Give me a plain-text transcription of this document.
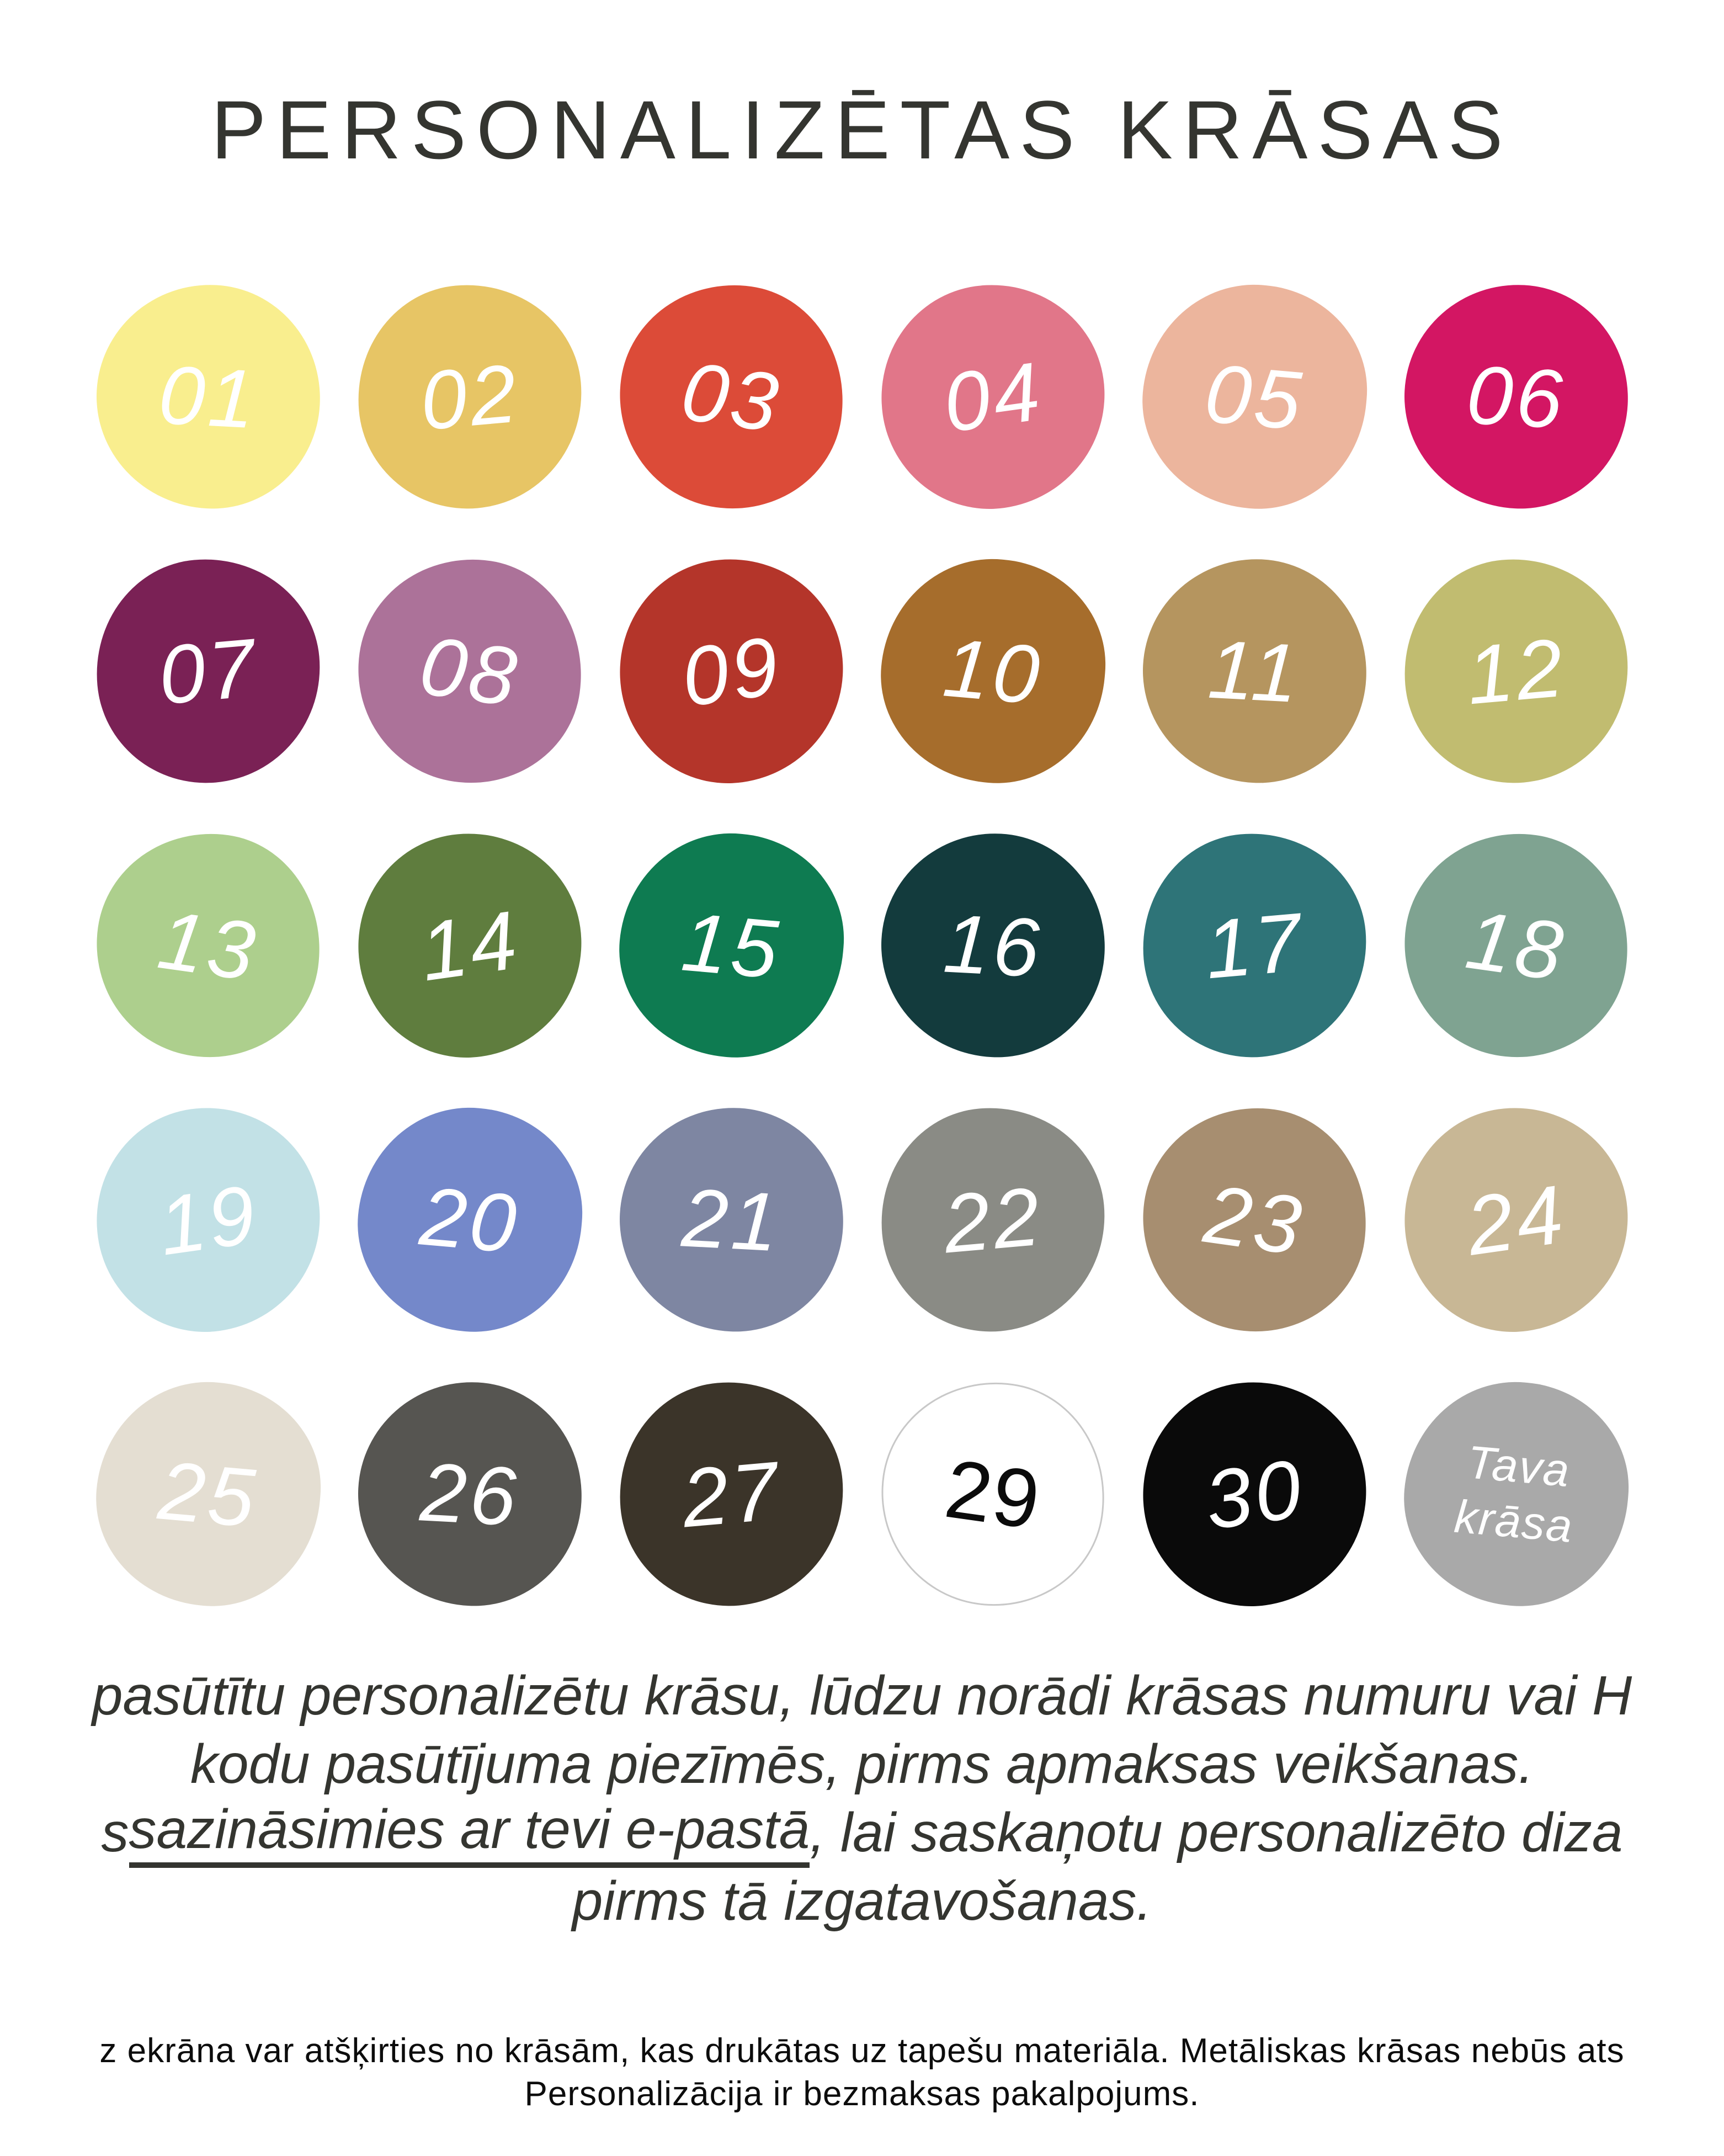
PERSONALIZĒTAS KRĀSAS
01 02 03 04 05 06
07 08 09 10 11 12
13 14 15 16 17 18
19 20 21 22 23 24
25 26 27 29 30	Tava
krāsa
pasūtītu personalizētu krāsu, lūdzu norādi krāsas numuru vai H
kodu pasūtījuma piezīmēs, pirms apmaksas veikšanas.
s sazināsimies ar tevi e-pastā , lai saskaņotu personalizēto diza
pirms tā izgatavošanas.
z ekrāna var atšķirties no krāsām, kas drukātas uz tapešu materiāla. Metāliskas krāsas nebūs ats
Personalizācija ir bezmaksas pakalpojums.
